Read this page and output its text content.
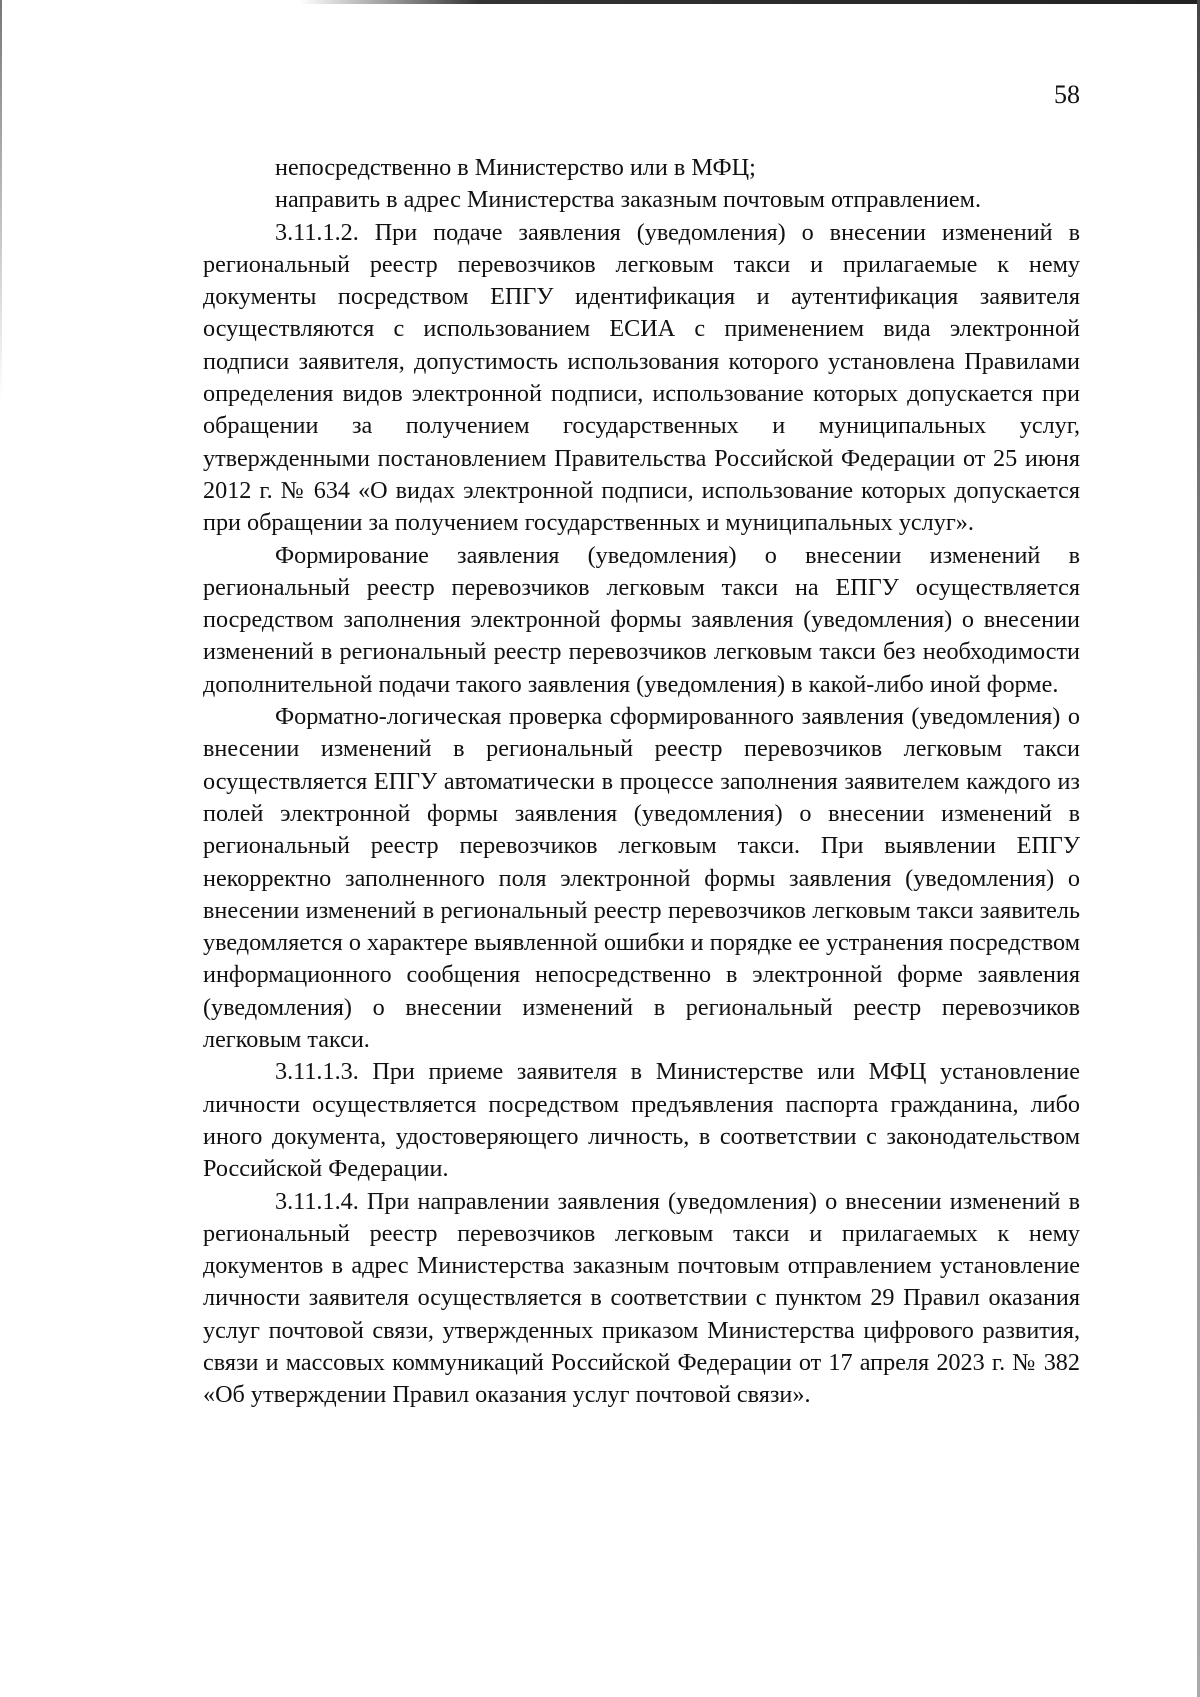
58

непосредственно в Министерство или в МФЦ;

направить в адрес Министерства заказным почтовым отправлением.

3.11.1.2. При подаче заявления (уведомления) о внесении изменений в региональный реестр перевозчиков легковым такси и прилагаемые к нему документы посредством ЕПГУ идентификация и аутентификация заявителя осуществляются с использованием ЕСИА с применением вида электронной подписи заявителя, допустимость использования которого установлена Правилами определения видов электронной подписи, использование которых допускается при обращении за получением государственных и муниципальных услуг, утвержденными постановлением Правительства Российской Федерации от 25 июня 2012 г. № 634 «О видах электронной подписи, использование которых допускается при обращении за получением государственных и муниципальных услуг».

Формирование заявления (уведомления) о внесении изменений в региональный реестр перевозчиков легковым такси на ЕПГУ осуществляется посредством заполнения электронной формы заявления (уведомления) о внесении изменений в региональный реестр перевозчиков легковым такси без необходимости дополнительной подачи такого заявления (уведомления) в какой-либо иной форме.

Форматно-логическая проверка сформированного заявления (уведомления) о внесении изменений в региональный реестр перевозчиков легковым такси осуществляется ЕПГУ автоматически в процессе заполнения заявителем каждого из полей электронной формы заявления (уведомления) о внесении изменений в региональный реестр перевозчиков легковым такси. При выявлении ЕПГУ некорректно заполненного поля электронной формы заявления (уведомления) о внесении изменений в региональный реестр перевозчиков легковым такси заявитель уведомляется о характере выявленной ошибки и порядке ее устранения посредством информационного сообщения непосредственно в электронной форме заявления (уведомления) о внесении изменений в региональный реестр перевозчиков легковым такси.

3.11.1.3. При приеме заявителя в Министерстве или МФЦ установление личности осуществляется посредством предъявления паспорта гражданина, либо иного документа, удостоверяющего личность, в соответствии с законодательством Российской Федерации.

3.11.1.4. При направлении заявления (уведомления) о внесении изменений в региональный реестр перевозчиков легковым такси и прилагаемых к нему документов в адрес Министерства заказным почтовым отправлением установление личности заявителя осуществляется в соответствии с пунктом 29 Правил оказания услуг почтовой связи, утвержденных приказом Министерства цифрового развития, связи и массовых коммуникаций Российской Федерации от 17 апреля 2023 г. № 382 «Об утверждении Правил оказания услуг почтовой связи».
